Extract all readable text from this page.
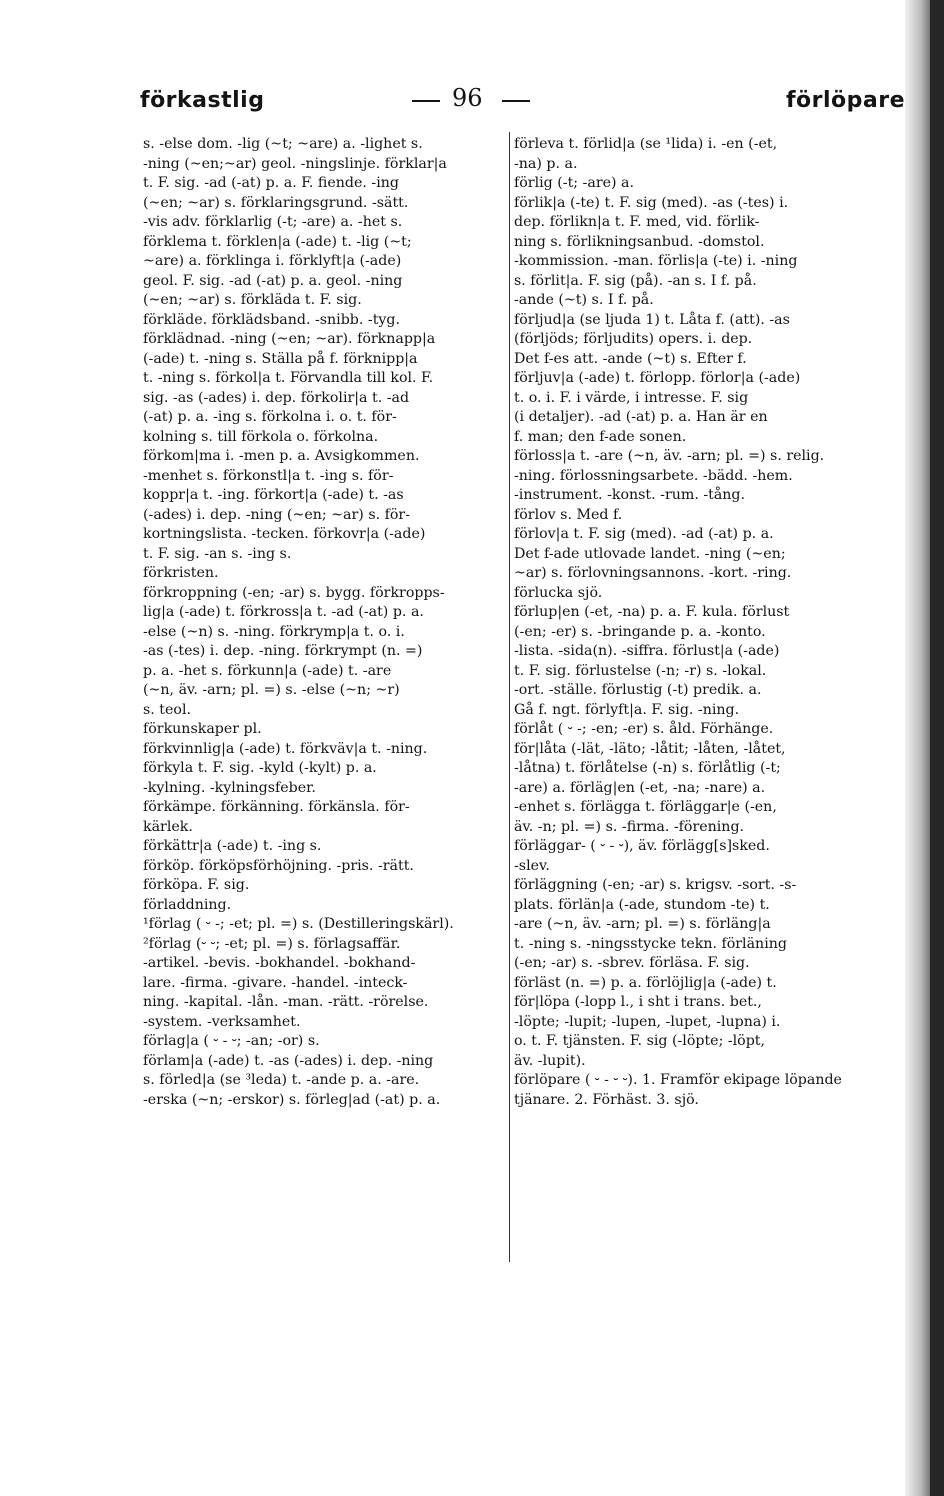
förkastlig	96	förlöpare
s. -else dom. -lig (~t; ~are) a. -lighet s.
-ning (~en;~ar) geol. -ningslinje. förklar|a
t. F. sig. -ad (-at) p. a. F. fiende. -ing
(~en; ~ar) s. förklaringsgrund. -sätt.
-vis adv. förklarlig (-t; -are) a. -het s.
förklema t. förklen|a (-ade) t. -lig (~t;
~are) a. förklinga i. förklyft|a (-ade)
geol. F. sig. -ad (-at) p. a. geol. -ning
(~en; ~ar) s. förkläda t. F. sig.
förkläde. förklädsband. -snibb. -tyg.
förklädnad. -ning (~en; ~ar). förknapp|a
(-ade) t. -ning s. Ställa på f. förknipp|a
t. -ning s. förkol|a t. Förvandla till kol. F.
sig. -as (-ades) i. dep. förkolir|a t. -ad
(-at) p. a. -ing s. förkolna i. o. t. för-
kolning s. till förkola o. förkolna.
förkom|ma i. -men p. a. Avsigkommen.
-menhet s. förkonstl|a t. -ing s. för-
koppr|a t. -ing. förkort|a (-ade) t. -as
(-ades) i. dep. -ning (~en; ~ar) s. för-
kortningslista. -tecken. förkovr|a (-ade)
t. F. sig. -an s. -ing s.
förkristen.
förkroppning (-en; -ar) s. bygg. förkropps-
lig|a (-ade) t. förkross|a t. -ad (-at) p. a.
-else (~n) s. -ning. förkrymp|a t. o. i.
-as (-tes) i. dep. -ning. förkrympt (n. =)
p. a. -het s. förkunn|a (-ade) t. -are
(~n, äv. -arn; pl. =) s. -else (~n; ~r)
s. teol.
förkunskaper pl.
förkvinnlig|a (-ade) t. förkväv|a t. -ning.
förkyla t. F. sig. -kyld (-kylt) p. a.
-kylning. -kylningsfeber.
förkämpe. förkänning. förkänsla. för-
kärlek.
förkättr|a (-ade) t. -ing s.
förköp. förköpsförhöjning. -pris. -rätt.
förköpa. F. sig.
förladdning.
¹förlag ( ⏑ -; -et; pl. =) s. (Destilleringskärl).
²förlag (⏑ ⏑; -et; pl. =) s. förlagsaffär.
-artikel. -bevis. -bokhandel. -bokhand-
lare. -firma. -givare. -handel. -inteck-
ning. -kapital. -lån. -man. -rätt. -rörelse.
-system. -verksamhet.
förlag|a ( ⏑ - ⏑; -an; -or) s.
förlam|a (-ade) t. -as (-ades) i. dep. -ning
s. förled|a (se ³leda) t. -ande p. a. -are.
-erska (~n; -erskor) s. förleg|ad (-at) p. a.
förleva t. förlid|a (se ¹lida) i. -en (-et,
-na) p. a.
förlig (-t; -are) a.
förlik|a (-te) t. F. sig (med). -as (-tes) i.
dep. förlikn|a t. F. med, vid. förlik-
ning s. förlikningsanbud. -domstol.
-kommission. -man. förlis|a (-te) i. -ning
s. förlit|a. F. sig (på). -an s. I f. på.
-ande (~t) s. I f. på.
förljud|a (se ljuda 1) t. Låta f. (att). -as
(förljöds; förljudits) opers. i. dep.
Det f-es att. -ande (~t) s. Efter f.
förljuv|a (-ade) t. förlopp. förlor|a (-ade)
t. o. i. F. i värde, i intresse. F. sig
(i detaljer). -ad (-at) p. a. Han är en
f. man; den f-ade sonen.
förloss|a t. -are (~n, äv. -arn; pl. =) s. relig.
-ning. förlossningsarbete. -bädd. -hem.
-instrument. -konst. -rum. -tång.
förlov s. Med f.
förlov|a t. F. sig (med). -ad (-at) p. a.
Det f-ade utlovade landet. -ning (~en;
~ar) s. förlovningsannons. -kort. -ring.
förlucka sjö.
förlup|en (-et, -na) p. a. F. kula. förlust
(-en; -er) s. -bringande p. a. -konto.
-lista. -sida(n). -siffra. förlust|a (-ade)
t. F. sig. förlustelse (-n; -r) s. -lokal.
-ort. -ställe. förlustig (-t) predik. a.
Gå f. ngt. förlyft|a. F. sig. -ning.
förlåt ( ⏑ -; -en; -er) s. åld. Förhänge.
för|låta (-lät, -läto; -låtit; -låten, -låtet,
-låtna) t. förlåtelse (-n) s. förlåtlig (-t;
-are) a. förläg|en (-et, -na; -nare) a.
-enhet s. förlägga t. förläggar|e (-en,
äv. -n; pl. =) s. -firma. -förening.
förläggar- ( ⏑ - ⏑), äv. förlägg[s]sked.
-slev.
förläggning (-en; -ar) s. krigsv. -sort. -s-
plats. förlän|a (-ade, stundom -te) t.
-are (~n, äv. -arn; pl. =) s. förläng|a
t. -ning s. -ningsstycke tekn. förläning
(-en; -ar) s. -sbrev. förläsa. F. sig.
förläst (n. =) p. a. förlöjlig|a (-ade) t.
för|löpa (-lopp l., i sht i trans. bet.,
-löpte; -lupit; -lupen, -lupet, -lupna) i.
o. t. F. tjänsten. F. sig (-löpte; -löpt,
äv. -lupit).
förlöpare ( ⏑ - ⏑ ⏑). 1. Framför ekipage löpande
tjänare. 2. Förhäst. 3. sjö.
